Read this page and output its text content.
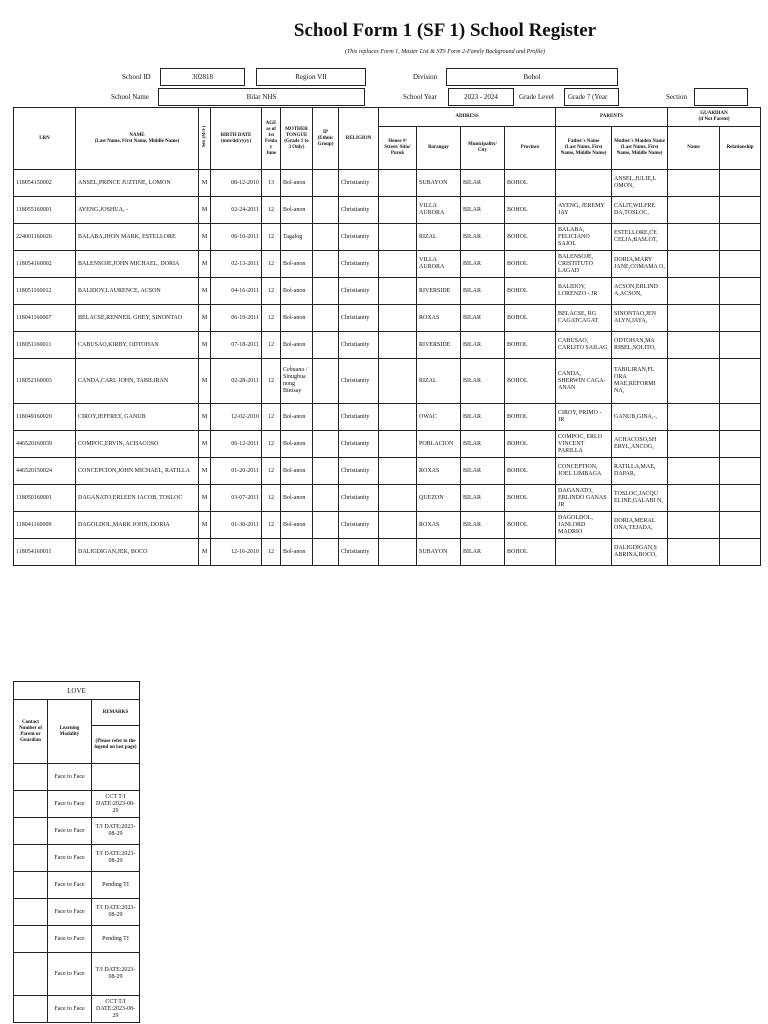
School Form 1 (SF 1) School Register
(This replaces Form 1, Master List & STS Form 2-Family Background and Profile)
School ID	302818	Region VII	Division	Bohol
School Name	Bilar NHS	School Year	2023 - 2024	Grade Level	Grade 7 (Year	Section
LRN	NAME
(Last Name, First Name, Middle Name)	Sex (M/F)	BIRTH DATE
(mm/dd/yyyy)	AGE as of 1st Friday June	MOTHER TONGUE
(Grade 1 to 3 Only)	IP
(Ethnic Group)	RELIGION	ADDRESS				PARENTS		GUARDIAN
(if Not Parent)	
								House #/ Street/ Sitio/ Purok	Barangay	Municipality/ City	Province	Father's Name
(Last Name, First Name, Middle Name)	Mother's Maiden Name (Last Name, First Name, Middle Name)	Name	Relationship
118054150002	ANSEL,PRINCE JUZTINE, LOMON	M	08-12-2010	13	Bol-anon		Christianity		SUBAYON	BILAR	BOHOL		ANSEL,JULIE,L OMON,		
118055160001	AYENG,JOSHUA, -	M	02-24-2011	12	Bol-anon		Christianity		VILLA AURORA	BILAR	BOHOL	AYENG, JEREMY JAY	CALIT,WILFRE DA,TOSLOC,		
224001160026	BALABA,JHON MARK, ESTELLORE	M	06-10-2011	12	Tagalog		Christianity		RIZAL	BILAR	BOHOL	BALABA, FELICIANO SAJOL	ESTELLORE,CE CELIA,BASLOT,		
118054160002	BALENSOJE,JOHN MICHAEL, DORIA	M	02-13-2011	12	Bol-anon		Christianity		VILLA AURORA	BILAR	BOHOL	BALENSOJE, CRISTITUTO LAGAD	DORIA,MARY JANE,COMAMA O,		
118051160012	BALIDOY,LAURENCE, ACSON	M	04-16-2011	12	Bol-anon		Christianity		RIVERSIDE	BILAR	BOHOL	BALIDOY, LORENZO - JR	ACSON,ERLIND A,ACSON,		
118041160007	BELACSE,RENNEIL GHEY, SINONTAO	M	06-19-2011	12	Bol-anon		Christianity		ROXAS	BILAR	BOHOL	BELACSE, RG CAGATCAGAT	SINONTAO,JEN ALYN,JAYA,		
118051160011	CABUSAO,KIRBY, ODTOHAN	M	07-18-2011	12	Bol-anon		Christianity		RIVERSIDE	BILAR	BOHOL	CABUSAO, CARLITO SAILAG	ODTOHAN,MA RIBEL,SOLITO,		
118052160003	CANDA,CARL JOHN, TABILIRAN	M	02-28-2011	12	Cebuano / Sinugbua nong Binisay		Christianity		RIZAL	BILAR	BOHOL	CANDA, SHERWIN CAGA-ANAN	TABILIRAN,FL ORA MAE,REFORMI NA,		
118049160020	CIROY,JEFFREY, GANUB	M	12-02-2010	12	Bol-anon		Christianity		OWAC	BILAR	BOHOL	CIROY, PRIMO - JR	GANUB,GINA,-,		
446520160039	COMPOC,ERVIN, ACHACOSO	M	06-12-2011	12	Bol-anon		Christianity		POBLACION	BILAR	BOHOL	COMPOC, ERLO VINCENT PARILLA	ACHACOSO,SH ERYL,ANCOG,		
446520150024	CONCEPCION,JOHN MICHAEL, RATILLA	M	01-20-2011	12	Bol-anon		Christianity		ROXAS	BILAR	BOHOL	CONCEPTION, JOEL LIMBAGA	RATILLA,MAE, DAPAR,		
118050160001	DAGANATO,ERLEEN JACOB, TOSLOC	M	03-07-2011	12	Bol-anon		Christianity		QUEZON	BILAR	BOHOL	DAGANATO, ERLINDO GANAS JR	TOSLOC,JACQU ELINE,GALABI N,		
118041160009	DAGOLDOL,MARK JOHN, DORIA	M	01-30-2011	12	Bol-anon		Christianity		ROXAS	BILAR	BOHOL	DAGOLDOL, JANLORD MADRIO	DORIA,MERAL ONA,TEJADA,		
118054160011	DALIGDIGAN,JEK, BOCO	M	12-16-2010	12	Bol-anon		Christianity		SUBAYON	BILAR	BOHOL		DALIGDIGAN,S ABRINA,BOCO,		
LOVE		
Contact Number of Parent or Guardian	Learning Modality	REMARKS
		(Please refer to the legend on last page)
	Face to Face	
	Face to Face	CCT T/I DATE:2023-08-29
	Face to Face	T/I DATE:2023-08-29
	Face to Face	T/I DATE:2023-08-29
	Face to Face	Pending TI
	Face to Face	T/I DATE:2023-08-29
	Face to Face	Pending TI
	Face to Face	T/I DATE:2023-08-29
	Face to Face	CCT T/I DATE:2023-08-29
